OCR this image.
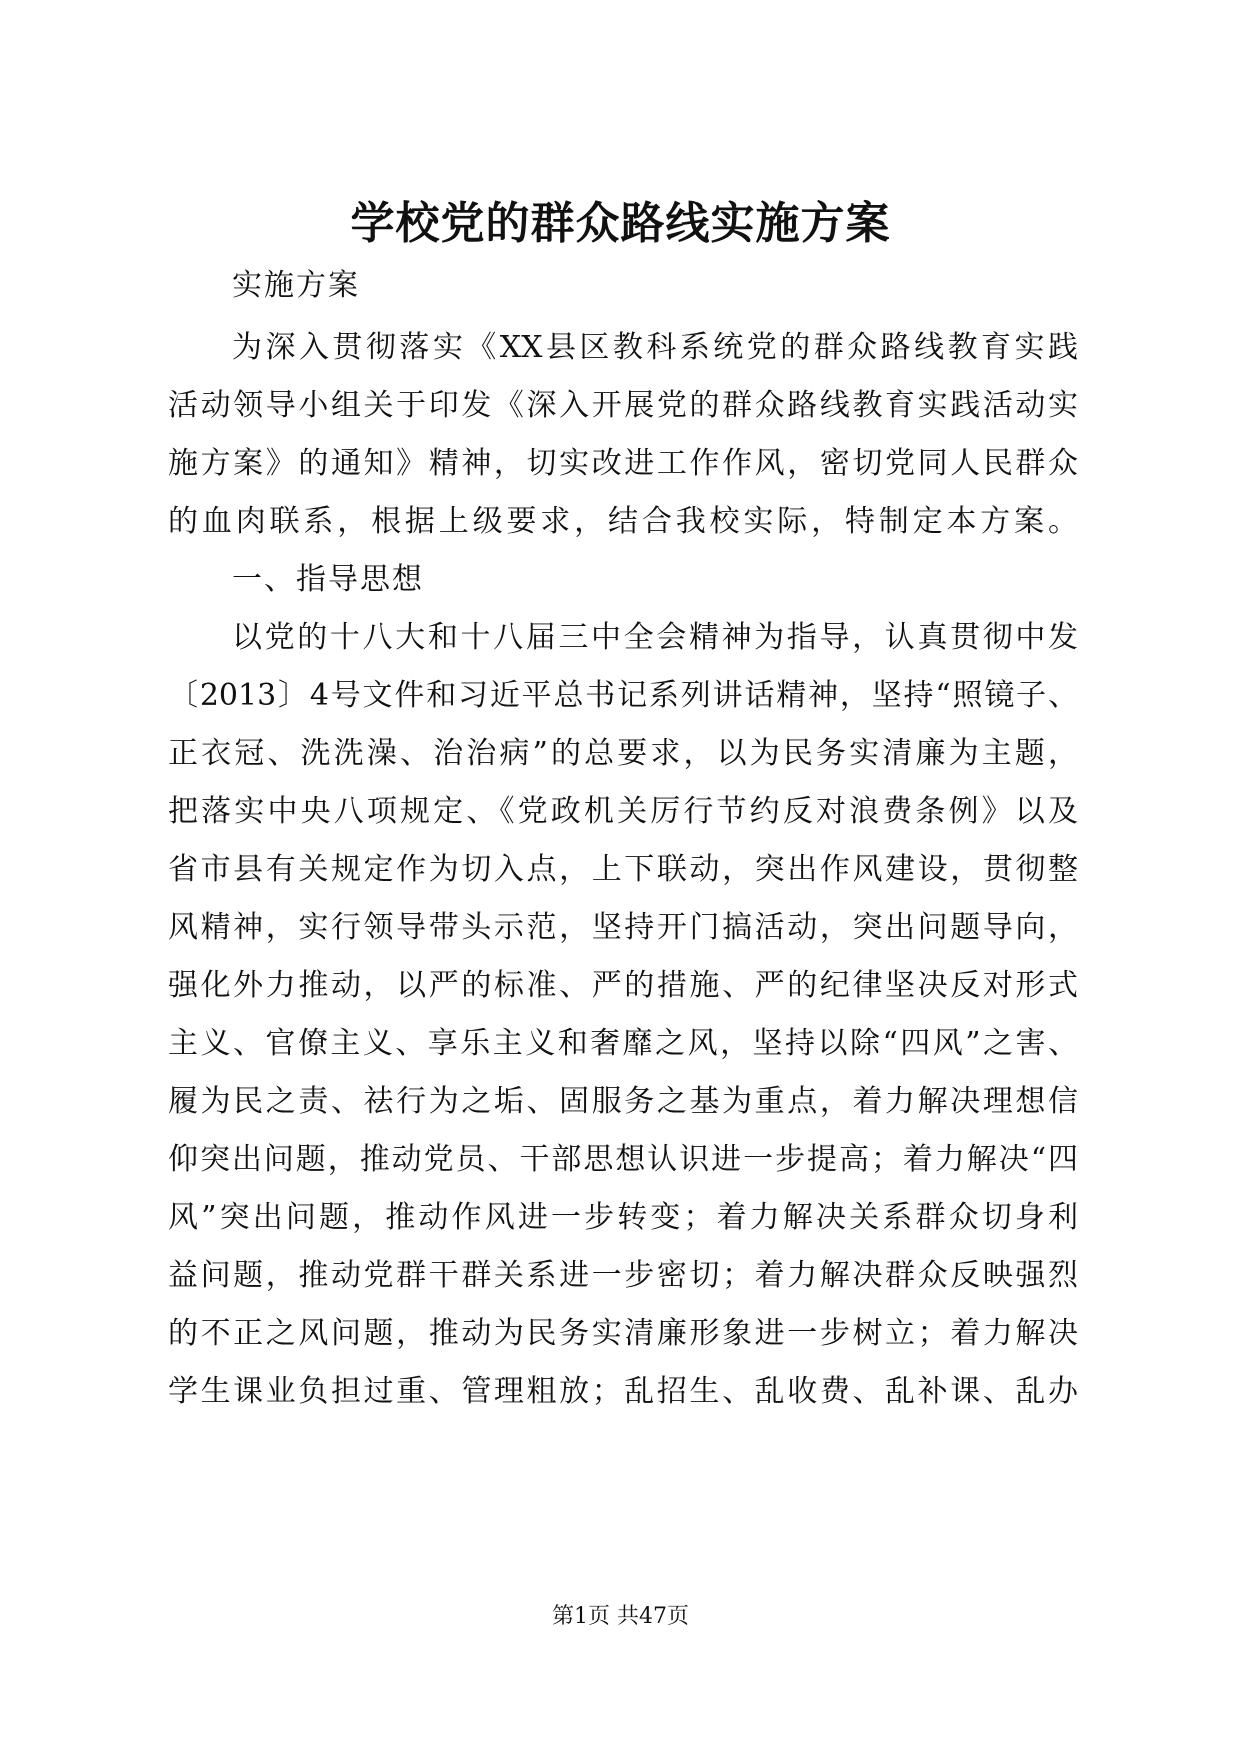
学校党的群众路线实施方案
实施方案
为深入贯彻落实《XX县区教科系统党的群众路线教育实践
活动领导小组关于印发《深入开展党的群众路线教育实践活动实
施方案》的通知》精神，切实改进工作作风，密切党同人民群众
的血肉联系，根据上级要求，结合我校实际，特制定本方案。
一、指导思想
以党的十八大和十八届三中全会精神为指导，认真贯彻中发
〔2013〕4号文件和习近平总书记系列讲话精神，坚持“照镜子、
正衣冠、洗洗澡、治治病”的总要求，以为民务实清廉为主题，
把落实中央八项规定、《党政机关厉行节约反对浪费条例》以及
省市县有关规定作为切入点，上下联动，突出作风建设，贯彻整
风精神，实行领导带头示范，坚持开门搞活动，突出问题导向，
强化外力推动，以严的标准、严的措施、严的纪律坚决反对形式
主义、官僚主义、享乐主义和奢靡之风，坚持以除“四风”之害、
履为民之责、祛行为之垢、固服务之基为重点，着力解决理想信
仰突出问题，推动党员、干部思想认识进一步提高；着力解决“四
风”突出问题，推动作风进一步转变；着力解决关系群众切身利
益问题，推动党群干群关系进一步密切；着力解决群众反映强烈
的不正之风问题，推动为民务实清廉形象进一步树立；着力解决
学生课业负担过重、管理粗放；乱招生、乱收费、乱补课、乱办
第1页 共47页
